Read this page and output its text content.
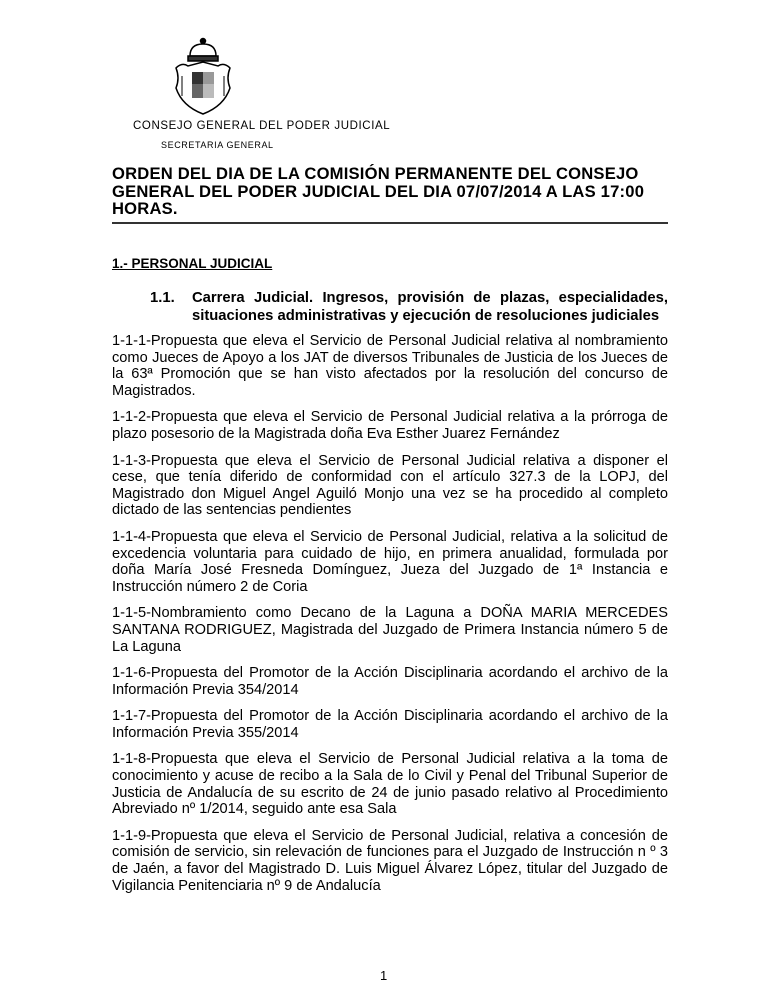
CONSEJO GENERAL DEL PODER JUDICIAL
SECRETARIA GENERAL
ORDEN DEL DIA DE LA COMISIÓN PERMANENTE DEL CONSEJO GENERAL DEL PODER JUDICIAL DEL DIA 07/07/2014 A LAS 17:00 HORAS.
1.- PERSONAL JUDICIAL
1.1. Carrera Judicial. Ingresos, provisión de plazas, especialidades, situaciones administrativas y ejecución de resoluciones judiciales

1-1-1-Propuesta que eleva el Servicio de Personal Judicial relativa al nombramiento como Jueces de Apoyo a los JAT de diversos Tribunales de Justicia de los Jueces de la 63ª Promoción que se han visto afectados por la resolución del concurso de Magistrados.

1-1-2-Propuesta que eleva el Servicio de Personal Judicial relativa a la prórroga de plazo posesorio de la Magistrada doña Eva Esther Juarez Fernández

1-1-3-Propuesta que eleva el Servicio de Personal Judicial relativa a disponer el cese, que tenía diferido de conformidad con el artículo 327.3 de la LOPJ, del Magistrado don Miguel Angel Aguiló Monjo una vez se ha procedido al completo dictado de las sentencias pendientes

1-1-4-Propuesta que eleva el Servicio de Personal Judicial, relativa a la solicitud de excedencia voluntaria para cuidado de hijo, en primera anualidad, formulada por doña María José Fresneda Domínguez, Jueza del Juzgado de 1ª Instancia e Instrucción número 2 de Coria

1-1-5-Nombramiento como Decano de la Laguna a DOÑA MARIA MERCEDES SANTANA RODRIGUEZ, Magistrada del Juzgado de Primera Instancia número 5 de La Laguna

1-1-6-Propuesta del Promotor de la Acción Disciplinaria acordando el archivo de la Información Previa 354/2014

1-1-7-Propuesta del Promotor de la Acción Disciplinaria acordando el archivo de la Información Previa 355/2014

1-1-8-Propuesta que eleva el Servicio de Personal Judicial relativa a la toma de conocimiento y acuse de recibo a la Sala de lo Civil y Penal del Tribunal Superior de Justicia de Andalucía de su escrito de 24 de junio pasado relativo al Procedimiento Abreviado nº 1/2014, seguido ante esa Sala

1-1-9-Propuesta que eleva el Servicio de Personal Judicial, relativa a concesión de comisión de servicio, sin relevación de funciones para el Juzgado de Instrucción n º 3 de Jaén, a favor del Magistrado D. Luis Miguel Álvarez López, titular del Juzgado de Vigilancia Penitenciaria nº 9 de Andalucía

1
